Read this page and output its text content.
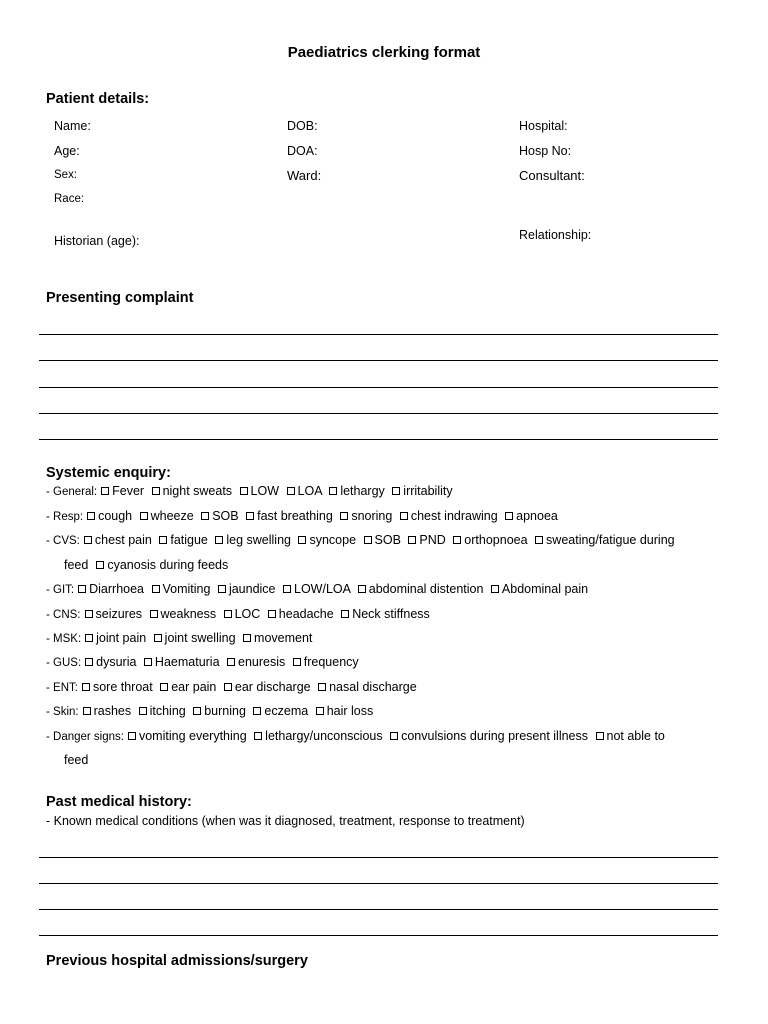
Paediatrics clerking format
Patient details:
Name:
Age:
Sex:
Race:
Historian (age):
DOB:
DOA:
Ward:
Hospital:
Hosp No:
Consultant:
Relationship:
Presenting complaint
Systemic enquiry:
- General: Fever night sweats LOW LOA lethargy irritability
- Resp: cough wheeze SOB fast breathing snoring chest indrawing apnoea
- CVS: chest pain fatigue leg swelling syncope SOB PND orthopnoea sweating/fatigue during
feed cyanosis during feeds
- GIT: Diarrhoea Vomiting jaundice LOW/LOA abdominal distention Abdominal pain
- CNS: seizures weakness LOC headache Neck stiffness
- MSK: joint pain joint swelling movement
- GUS: dysuria Haematuria enuresis frequency
- ENT: sore throat ear pain ear discharge nasal discharge
- Skin: rashes itching burning eczema hair loss
- Danger signs: vomiting everything lethargy/unconscious convulsions during present illness not able to
feed
Past medical history:
- Known medical conditions (when was it diagnosed, treatment, response to treatment)
Previous hospital admissions/surgery
